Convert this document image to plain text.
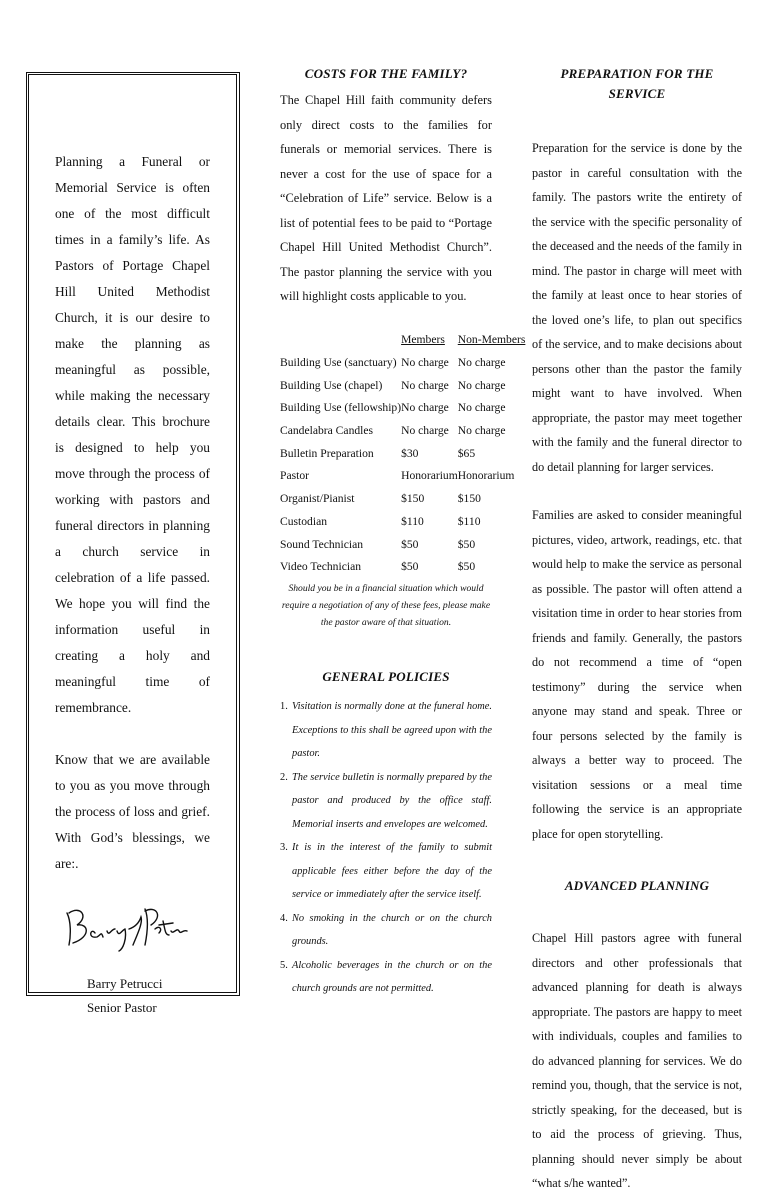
Planning a Funeral or Memorial Service is often one of the most difficult times in a family’s life. As Pastors of Portage Chapel Hill United Methodist Church, it is our desire to make the planning as meaningful as possible, while making the necessary details clear. This brochure is designed to help you move through the process of working with pastors and funeral directors in planning a church service in celebration of a life passed. We hope you will find the information useful in creating a holy and meaningful time of remembrance.

Know that we are available to you as you move through the process of loss and grief. With God’s blessings, we are:.

Barry Petrucci
Senior Pastor
COSTS FOR THE FAMILY?

The Chapel Hill faith community defers only direct costs to the families for funerals or memorial services. There is never a cost for the use of space for a “Celebration of Life” service. Below is a list of potential fees to be paid to “Portage Chapel Hill United Methodist Church”. The pastor planning the service with you will highlight costs applicable to you.

	Members	Non-Members
Building Use (sanctuary)	No charge	No charge
Building Use (chapel)	No charge	No charge
Building Use (fellowship)	No charge	No charge
Candelabra Candles	No charge	No charge
Bulletin Preparation	$30	$65
Pastor	Honorarium	Honorarium
Organist/Pianist	$150	$150
Custodian	$110	$110
Sound Technician	$50	$50
Video Technician	$50	$50

Should you be in a financial situation which would require a negotiation of any of these fees, please make the pastor aware of that situation.

GENERAL POLICIES
1. Visitation is normally done at the funeral home. Exceptions to this shall be agreed upon with the pastor.
2. The service bulletin is normally prepared by the pastor and produced by the office staff. Memorial inserts and envelopes are welcomed.
3. It is in the interest of the family to submit applicable fees either before the day of the service or immediately after the service itself.
4. No smoking in the church or on the church grounds.
5. Alcoholic beverages in the church or on the church grounds are not permitted.
PREPARATION FOR THE SERVICE

Preparation for the service is done by the pastor in careful consultation with the family. The pastors write the entirety of the service with the specific personality of the deceased and the needs of the family in mind. The pastor in charge will meet with the family at least once to hear stories of the loved one’s life, to plan out specifics of the service, and to make decisions about persons other than the pastor the family might want to have involved. When appropriate, the pastor may meet together with the family and the funeral director to do detail planning for larger services.

Families are asked to consider meaningful pictures, video, artwork, readings, etc. that would help to make the service as personal as possible. The pastor will often attend a visitation time in order to hear stories from friends and family. Generally, the pastors do not recommend a time of “open testimony” during the service when anyone may stand and speak. Three or four persons selected by the family is always a better way to proceed. The visitation sessions or a meal time following the service is an appropriate place for open storytelling.

ADVANCED PLANNING

Chapel Hill pastors agree with funeral directors and other professionals that advanced planning for death is always appropriate. The pastors are happy to meet with individuals, couples and families to do advanced planning for services. We do remind you, though, that the service is not, strictly speaking, for the deceased, but is to aid the process of grieving. Thus, planning should never simply be about “what s/he wanted”.
